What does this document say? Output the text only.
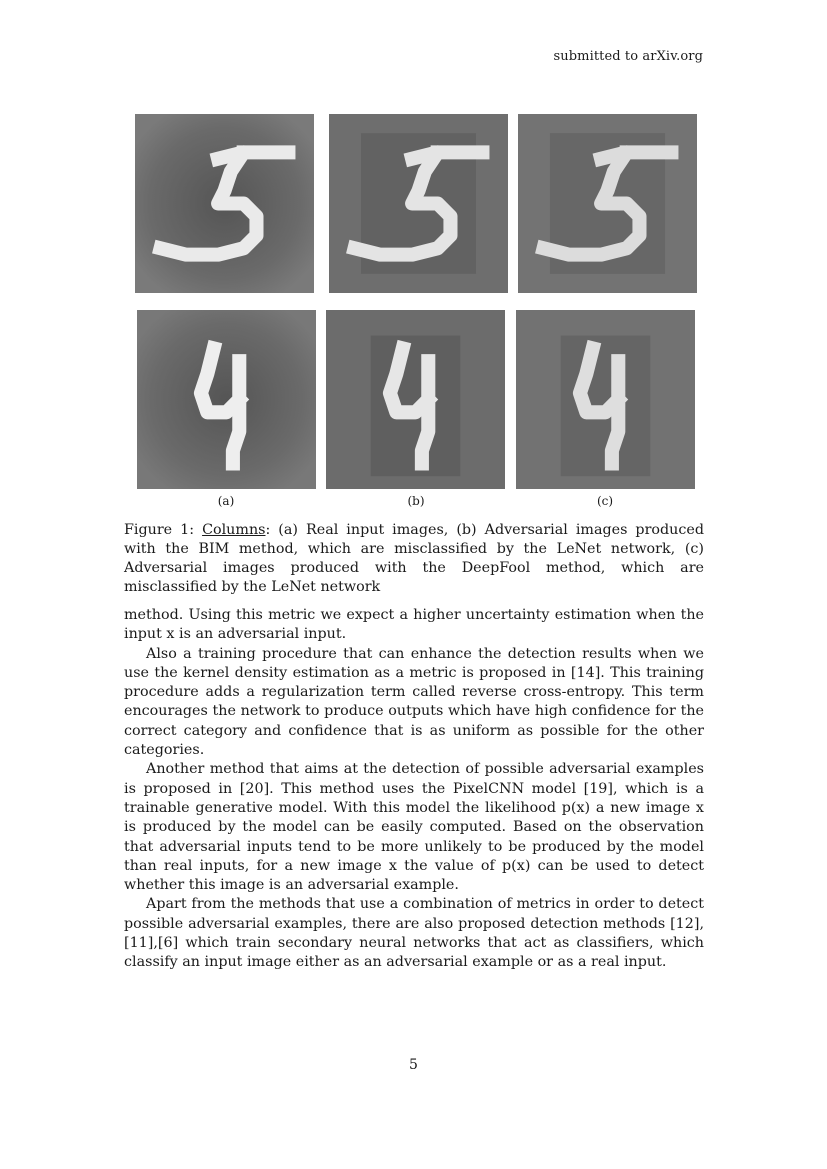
submitted to arXiv.org
(a)	(b)	(c)
Figure 1: Columns: (a) Real input images, (b) Adversarial images produced with the BIM method, which are misclassified by the LeNet network, (c) Adversarial images produced with the DeepFool method, which are misclassified by the LeNet network

method. Using this metric we expect a higher uncertainty estimation when the input x is an adversarial input.

Also a training procedure that can enhance the detection results when we use the kernel density estimation as a metric is proposed in [14]. This training procedure adds a regularization term called reverse cross-entropy. This term encourages the network to produce outputs which have high confidence for the correct category and confidence that is as uniform as possible for the other categories.

Another method that aims at the detection of possible adversarial examples is proposed in [20]. This method uses the PixelCNN model [19], which is a trainable generative model. With this model the likelihood p(x) a new image x is produced by the model can be easily computed. Based on the observation that adversarial inputs tend to be more unlikely to be produced by the model than real inputs, for a new image x the value of p(x) can be used to detect whether this image is an adversarial example.

Apart from the methods that use a combination of metrics in order to detect possible adversarial examples, there are also proposed detection methods [12],[11],[6] which train secondary neural networks that act as classifiers, which classify an input image either as an adversarial example or as a real input.

5
